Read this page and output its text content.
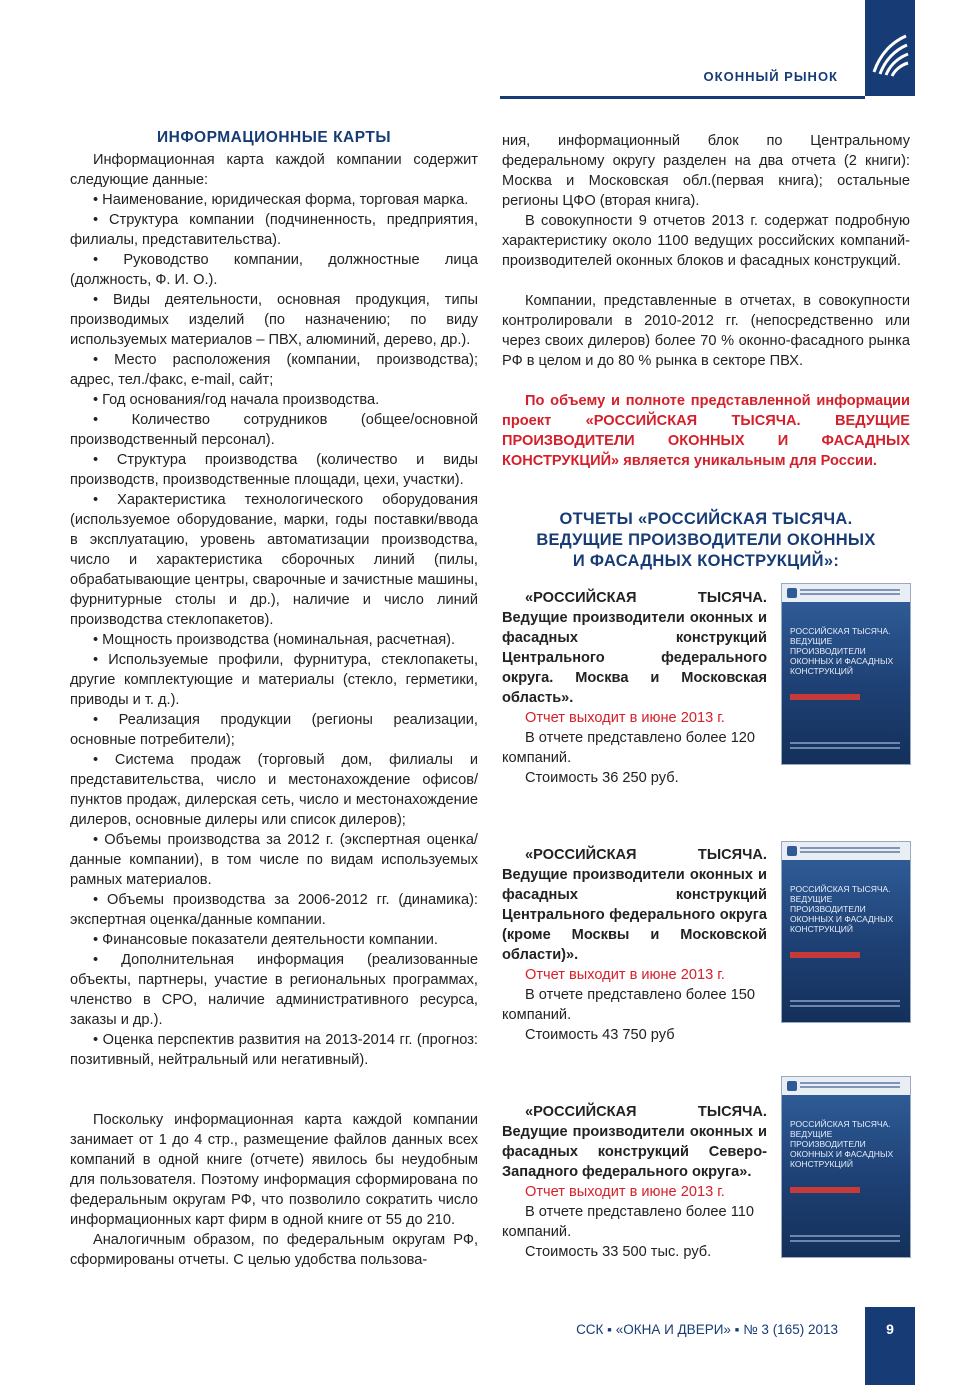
ОКОННЫЙ РЫНОК

ИНФОРМАЦИОННЫЕ КАРТЫ

Информационная карта каждой компании содержит следующие данные:

• Наименование, юридическая форма, торговая марка.

• Структура компании (подчиненность, предприятия, филиалы, представительства).

• Руководство компании, должностные лица (должность, Ф. И. О.).

• Виды деятельности, основная продукция, типы производимых изделий (по назначению; по виду используемых материалов – ПВХ, алюминий, дерево, др.).

• Место расположения (компании, производства); адрес, тел./факс, e-mail, сайт;

• Год основания/год начала производства.

• Количество сотрудников (общее/основной производственный персонал).

• Структура производства (количество и виды производств, производственные площади, цехи, участки).

• Характеристика технологического оборудования (используемое оборудование, марки, годы поставки/ввода в эксплуатацию, уровень автоматизации производства, число и характеристика сборочных линий (пилы, обрабатывающие центры, сварочные и зачистные машины, фурнитурные столы и др.), наличие и число линий производства стеклопакетов).

• Мощность производства (номинальная, расчетная).

• Используемые профили, фурнитура, стеклопакеты, другие комплектующие и материалы (стекло, герметики, приводы и т. д.).

• Реализация продукции (регионы реализации, основные потребители);

• Система продаж (торговый дом, филиалы и представительства, число и местонахождение офисов/пунктов продаж, дилерская сеть, число и местонахождение дилеров, основные дилеры или список дилеров);

• Объемы производства за 2012 г. (экспертная оценка/данные компании), в том числе по видам используемых рамных материалов.

• Объемы производства за 2006-2012 гг. (динамика): экспертная оценка/данные компании.

• Финансовые показатели деятельности компании.

• Дополнительная информация (реализованные объекты, партнеры, участие в региональных программах, членство в СРО, наличие административного ресурса, заказы и др.).

• Оценка перспектив развития на 2013-2014 гг. (прогноз: позитивный, нейтральный или негативный).

Поскольку информационная карта каждой компании занимает от 1 до 4 стр., размещение файлов данных всех компаний в одной книге (отчете) явилось бы неудобным для пользователя. Поэтому информация сформирована по федеральным округам РФ, что позволило сократить число информационных карт фирм в одной книге от 55 до 210.

Аналогичным образом, по федеральным округам РФ, сформированы отчеты. С целью удобства пользова-

ния, информационный блок по Центральному федеральному округу разделен на два отчета (2 книги): Москва и Московская обл.(первая книга); остальные регионы ЦФО (вторая книга).

В совокупности 9 отчетов 2013 г. содержат подробную характеристику около 1100 ведущих российских компаний-производителей оконных блоков и фасадных конструкций.

Компании, представленные в отчетах, в совокупности контролировали в 2010-2012 гг. (непосредственно или через своих дилеров) более 70 % оконно-фасадного рынка РФ в целом и до 80 % рынка в секторе ПВХ.

По объему и полноте представленной информации проект «РОССИЙСКАЯ ТЫСЯЧА. ВЕДУЩИЕ ПРОИЗВОДИТЕЛИ ОКОННЫХ И ФАСАДНЫХ КОНСТРУКЦИЙ» является уникальным для России.

ОТЧЕТЫ «РОССИЙСКАЯ ТЫСЯЧА.
ВЕДУЩИЕ ПРОИЗВОДИТЕЛИ ОКОННЫХ
И ФАСАДНЫХ КОНСТРУКЦИЙ»:

«РОССИЙСКАЯ ТЫСЯЧА. Ведущие производители оконных и фасадных конструкций Центрального федерального округа. Москва и Московская область».

Отчет выходит в июне 2013 г.

В отчете представлено более 120 компаний.

Стоимость 36 250 руб.

РОССИЙСКАЯ ТЫСЯЧА. ВЕДУЩИЕ ПРОИЗВОДИТЕЛИ ОКОННЫХ И ФАСАДНЫХ КОНСТРУКЦИЙ

«РОССИЙСКАЯ ТЫСЯЧА. Ведущие производители оконных и фасадных конструкций Центрального федерального округа (кроме Москвы и Московской области)».

Отчет выходит в июне 2013 г.

В отчете представлено более 150 компаний.

Стоимость 43 750 руб

РОССИЙСКАЯ ТЫСЯЧА. ВЕДУЩИЕ ПРОИЗВОДИТЕЛИ ОКОННЫХ И ФАСАДНЫХ КОНСТРУКЦИЙ

«РОССИЙСКАЯ ТЫСЯЧА. Ведущие производители оконных и фасадных конструкций Северо-Западного федерального округа».

Отчет выходит в июне 2013 г.

В отчете представлено более 110 компаний.

Стоимость 33 500 тыс. руб.

РОССИЙСКАЯ ТЫСЯЧА. ВЕДУЩИЕ ПРОИЗВОДИТЕЛИ ОКОННЫХ И ФАСАДНЫХ КОНСТРУКЦИЙ
ССК ▪ «ОКНА И ДВЕРИ» ▪ № 3 (165) 2013	9
